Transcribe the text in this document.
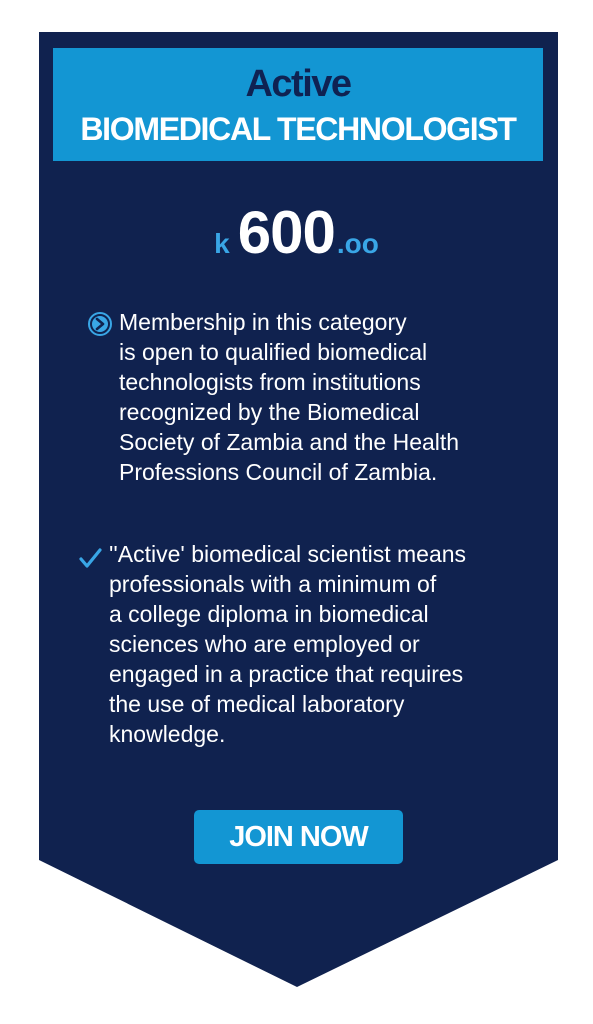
Active
BIOMEDICAL TECHNOLOGIST
k 600.oo
Membership in this category
is open to qualified biomedical
technologists from institutions
recognized by the Biomedical
Society of Zambia and the Health
Professions Council of Zambia.
''Active' biomedical scientist means
professionals with a minimum of
a college diploma in biomedical
sciences who are employed or
engaged in a practice that requires
the use of medical laboratory
knowledge.
JOIN NOW
